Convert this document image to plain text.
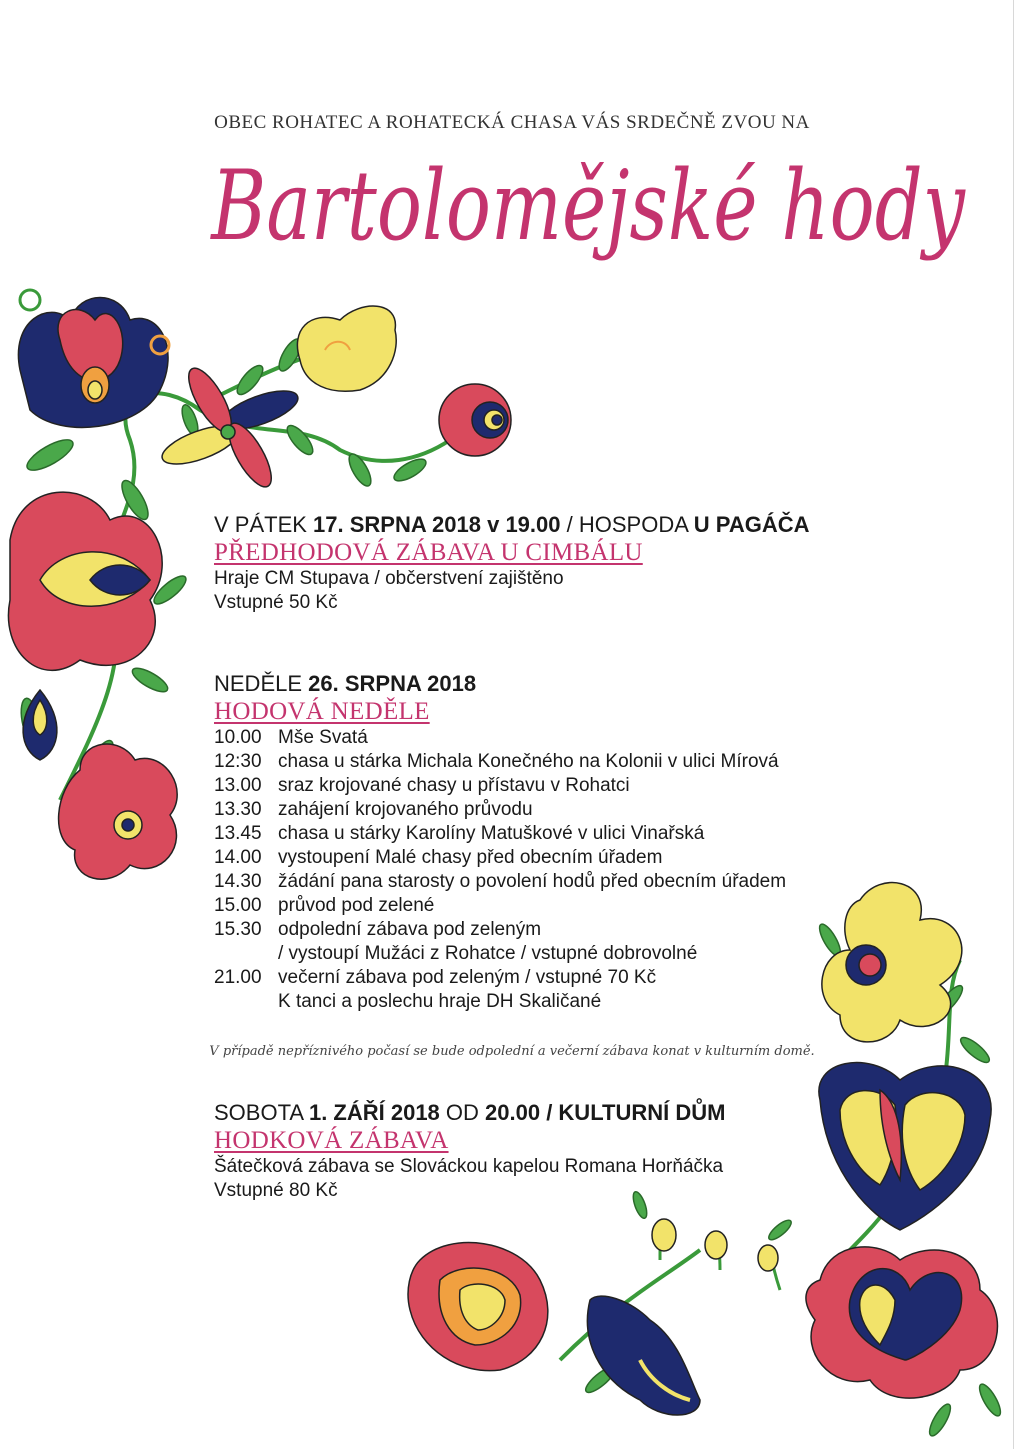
OBEC ROHATEC A ROHATECKÁ CHASA VÁS SRDEČNĚ ZVOU NA
Bartoloměјské hody
V PÁTEK 17. SRPNA 2018 v 19.00 / HOSPODA U PAGÁČA
PŘEDHODOVÁ ZÁBAVA U CIMBÁLU
Hraje CM Stupava / občerstvení zajištěno
Vstupné 50 Kč
NEDĚLE 26. SRPNA 2018
HODOVÁ NEDĚLE
10.00	Mše Svatá
12:30	chasa u stárka Michala Konečného na Kolonii v ulici Mírová
13.00	sraz krojované chasy u přístavu v Rohatci
13.30	zahájení krojovaného průvodu
13.45	chasa u stárky Karolíny Matuškové v ulici Vinařská
14.00	vystoupení Malé chasy před obecním úřadem
14.30	žádání pana starosty o povolení hodů před obecním úřadem
15.00	průvod pod zelené
15.30	odpolední zábava pod zeleným
	/ vystoupí Mužáci z Rohatce / vstupné dobrovolné
21.00	večerní zábava pod zeleným / vstupné 70 Kč
	K tanci a poslechu hraje DH Skaličané
V případě nepříznivého počasí se bude odpolední a večerní zábava konat v kulturním domě.
SOBOTA 1. ZÁŘÍ 2018 OD 20.00 / KULTURNÍ DŮM
HODKOVÁ ZÁBAVA
Šátečková zábava se Slováckou kapelou Romana Horňáčka
Vstupné 80 Kč
